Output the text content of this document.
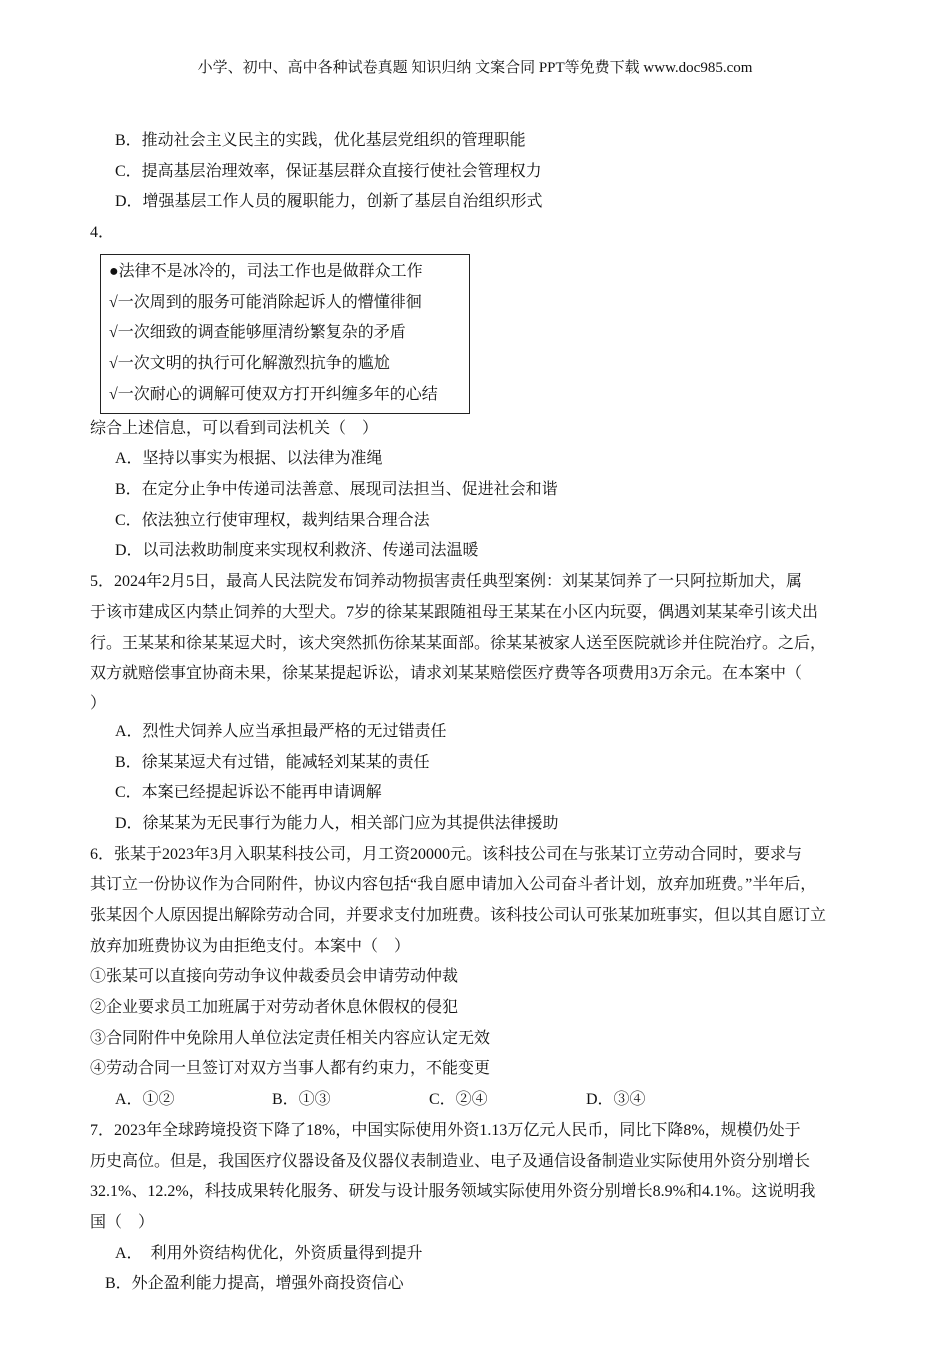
小学、初中、高中各种试卷真题 知识归纳 文案合同 PPT等免费下载 www.doc985.com
B．推动社会主义民主的实践，优化基层党组织的管理职能
C．提高基层治理效率，保证基层群众直接行使社会管理权力
D．增强基层工作人员的履职能力，创新了基层自治组织形式
4．
●法律不是冰冷的，司法工作也是做群众工作
√一次周到的服务可能消除起诉人的懵懂徘徊
√一次细致的调查能够厘清纷繁复杂的矛盾
√一次文明的执行可化解激烈抗争的尴尬
√一次耐心的调解可使双方打开纠缠多年的心结
综合上述信息，可以看到司法机关（　）
A．坚持以事实为根据、以法律为准绳
B．在定分止争中传递司法善意、展现司法担当、促进社会和谐
C．依法独立行使审理权，裁判结果合理合法
D．以司法救助制度来实现权利救济、传递司法温暖
5．2024年2月5日，最高人民法院发布饲养动物损害责任典型案例：刘某某饲养了一只阿拉斯加犬，属
于该市建成区内禁止饲养的大型犬。7岁的徐某某跟随祖母王某某在小区内玩耍，偶遇刘某某牵引该犬出
行。王某某和徐某某逗犬时，该犬突然抓伤徐某某面部。徐某某被家人送至医院就诊并住院治疗。之后，
双方就赔偿事宜协商未果，徐某某提起诉讼，请求刘某某赔偿医疗费等各项费用3万余元。在本案中（
）
A．烈性犬饲养人应当承担最严格的无过错责任
B．徐某某逗犬有过错，能减轻刘某某的责任
C．本案已经提起诉讼不能再申请调解
D．徐某某为无民事行为能力人，相关部门应为其提供法律援助
6．张某于2023年3月入职某科技公司，月工资20000元。该科技公司在与张某订立劳动合同时，要求与
其订立一份协议作为合同附件，协议内容包括“我自愿申请加入公司奋斗者计划，放弃加班费。”半年后，
张某因个人原因提出解除劳动合同，并要求支付加班费。该科技公司认可张某加班事实，但以其自愿订立
放弃加班费协议为由拒绝支付。本案中（　）
①张某可以直接向劳动争议仲裁委员会申请劳动仲裁
②企业要求员工加班属于对劳动者休息休假权的侵犯
③合同附件中免除用人单位法定责任相关内容应认定无效
④劳动合同一旦签订对双方当事人都有约束力，不能变更
A．①②	B．①③	C．②④	D．③④
7．2023年全球跨境投资下降了18%，中国实际使用外资1.13万亿元人民币，同比下降8%，规模仍处于
历史高位。但是，我国医疗仪器设备及仪器仪表制造业、电子及通信设备制造业实际使用外资分别增长
32.1%、12.2%，科技成果转化服务、研发与设计服务领域实际使用外资分别增长8.9%和4.1%。这说明我
国（　）
A．  利用外资结构优化，外资质量得到提升
B．外企盈利能力提高，增强外商投资信心
